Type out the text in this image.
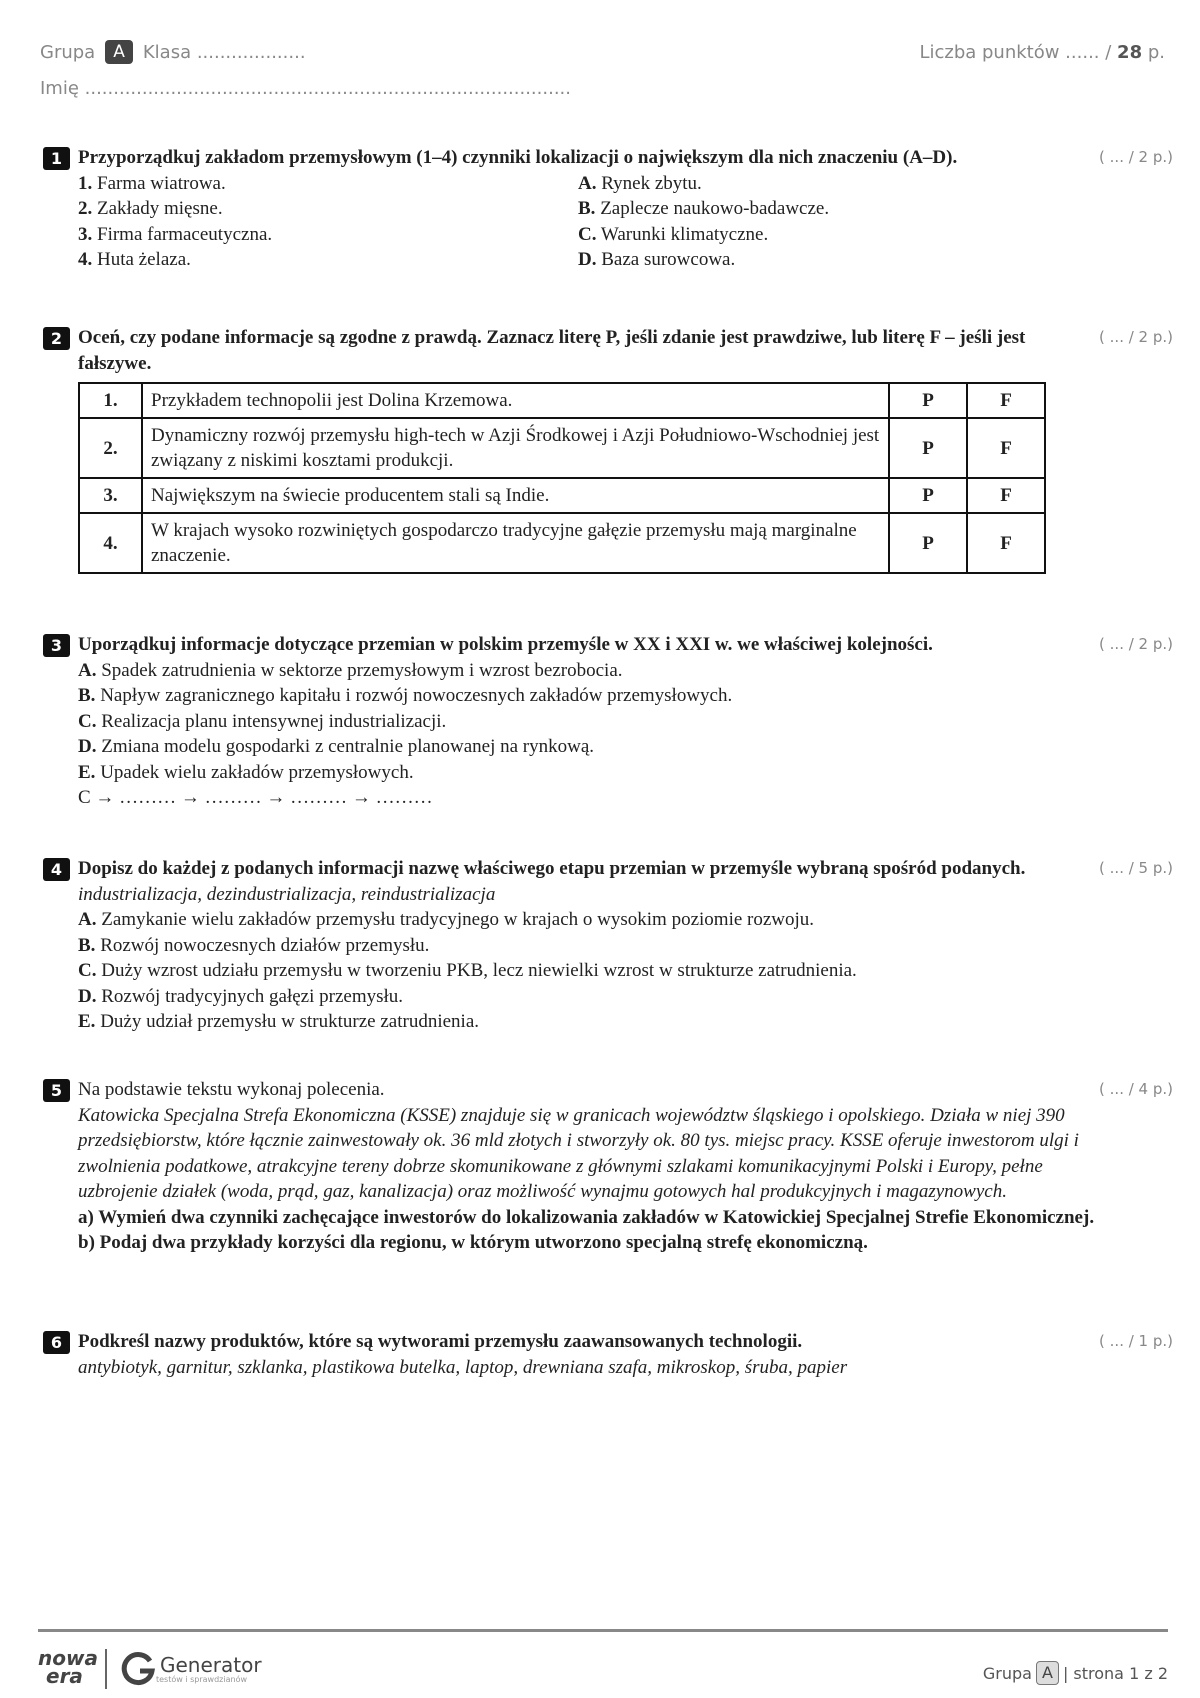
Grupa	A	Klasa ...................	Liczba punktów ...... / 28 p.
Imię .....................................................................................
1	( ... / 2 p.)
Przyporządkuj zakładom przemysłowym (1–4) czynniki lokalizacji o największym dla nich znaczeniu (A–D).
1. Farma wiatrowa.
2. Zakłady mięsne.
3. Firma farmaceutyczna.
4. Huta żelaza.
A. Rynek zbytu.
B. Zaplecze naukowo-badawcze.
C. Warunki klimatyczne.
D. Baza surowcowa.
2	( ... / 2 p.)
Oceń, czy podane informacje są zgodne z prawdą. Zaznacz literę P, jeśli zdanie jest prawdziwe, lub literę F – jeśli jest fałszywe.
1.	Przykładem technopolii jest Dolina Krzemowa.	P	F
2.	Dynamiczny rozwój przemysłu high-tech w Azji Środkowej i Azji Południowo-Wschodniej jest związany z niskimi kosztami produkcji.	P	F
3.	Największym na świecie producentem stali są Indie.	P	F
4.	W krajach wysoko rozwiniętych gospodarczo tradycyjne gałęzie przemysłu mają marginalne znaczenie.	P	F
3	( ... / 2 p.)
Uporządkuj informacje dotyczące przemian w polskim przemyśle w XX i XXI w. we właściwej kolejności.
A. Spadek zatrudnienia w sektorze przemysłowym i wzrost bezrobocia.
B. Napływ zagranicznego kapitału i rozwój nowoczesnych zakładów przemysłowych.
C. Realizacja planu intensywnej industrializacji.
D. Zmiana modelu gospodarki z centralnie planowanej na rynkową.
E. Upadek wielu zakładów przemysłowych.
C → ……… → ……… → ……… → ………
4	( ... / 5 p.)
Dopisz do każdej z podanych informacji nazwę właściwego etapu przemian w przemyśle wybraną spośród podanych.
industrializacja, dezindustrializacja, reindustrializacja
A. Zamykanie wielu zakładów przemysłu tradycyjnego w krajach o wysokim poziomie rozwoju.
B. Rozwój nowoczesnych działów przemysłu.
C. Duży wzrost udziału przemysłu w tworzeniu PKB, lecz niewielki wzrost w strukturze zatrudnienia.
D. Rozwój tradycyjnych gałęzi przemysłu.
E. Duży udział przemysłu w strukturze zatrudnienia.
5	( ... / 4 p.)
Na podstawie tekstu wykonaj polecenia.
Katowicka Specjalna Strefa Ekonomiczna (KSSE) znajduje się w granicach województw śląskiego i opolskiego. Działa w niej 390 przedsiębiorstw, które łącznie zainwestowały ok. 36 mld złotych i stworzyły ok. 80 tys. miejsc pracy. KSSE oferuje inwestorom ulgi i zwolnienia podatkowe, atrakcyjne tereny dobrze skomunikowane z głównymi szlakami komunikacyjnymi Polski i Europy, pełne uzbrojenie działek (woda, prąd, gaz, kanalizacja) oraz możliwość wynajmu gotowych hal produkcyjnych i magazynowych.
a) Wymień dwa czynniki zachęcające inwestorów do lokalizowania zakładów w Katowickiej Specjalnej Strefie Ekonomicznej.
b) Podaj dwa przykłady korzyści dla regionu, w którym utworzono specjalną strefę ekonomiczną.
6	( ... / 1 p.)
Podkreśl nazwy produktów, które są wytworami przemysłu zaawansowanych technologii.
antybiotyk, garnitur, szklanka, plastikowa butelka, laptop, drewniana szafa, mikroskop, śruba, papier
nowa
era	Generator
testów i sprawdzianów	Grupa A | strona 1 z 2
